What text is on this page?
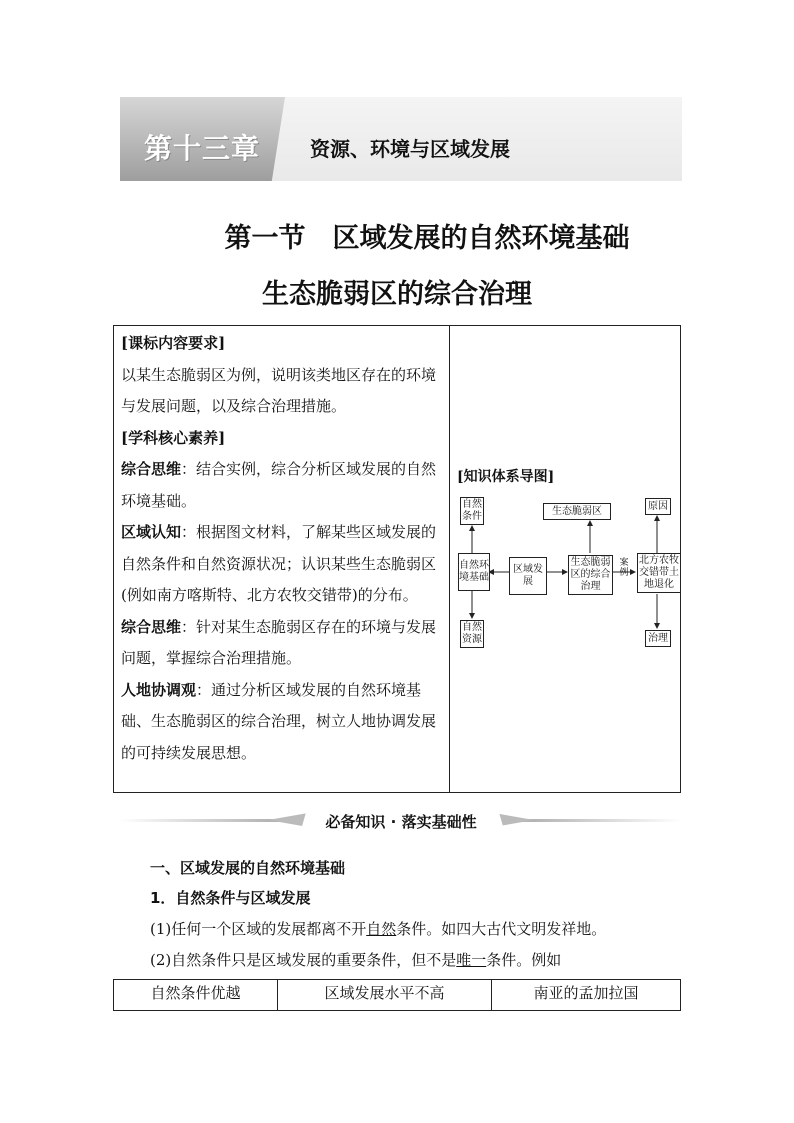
第十三章 资源、环境与区域发展
第一节　区域发展的自然环境基础
生态脆弱区的综合治理

[课标内容要求]

以某生态脆弱区为例，说明该类地区存在的环境与发展问题，以及综合治理措施。

[学科核心素养]

综合思维：结合实例，综合分析区域发展的自然环境基础。

区域认知：根据图文材料，了解某些区域发展的自然条件和自然资源状况；认识某些生态脆弱区(例如南方喀斯特、北方农牧交错带)的分布。

综合思维：针对某生态脆弱区存在的环境与发展问题，掌握综合治理措施。

人地协调观：通过分析区域发展的自然环境基础、生态脆弱区的综合治理，树立人地协调发展的可持续发展思想。

[知识体系导图]
自然条件
自然环境基础
自然资源
区域发展
生态脆弱区
生态脆弱区的综合治理
案例
北方农牧交错带土地退化
原因
治理
必备知识 · 落实基础性
一、区域发展的自然环境基础
1．自然条件与区域发展
(1)任何一个区域的发展都离不开自然条件。如四大古代文明发祥地。
(2)自然条件只是区域发展的重要条件，但不是唯一条件。例如
自然条件优越	区域发展水平不高	南亚的孟加拉国
